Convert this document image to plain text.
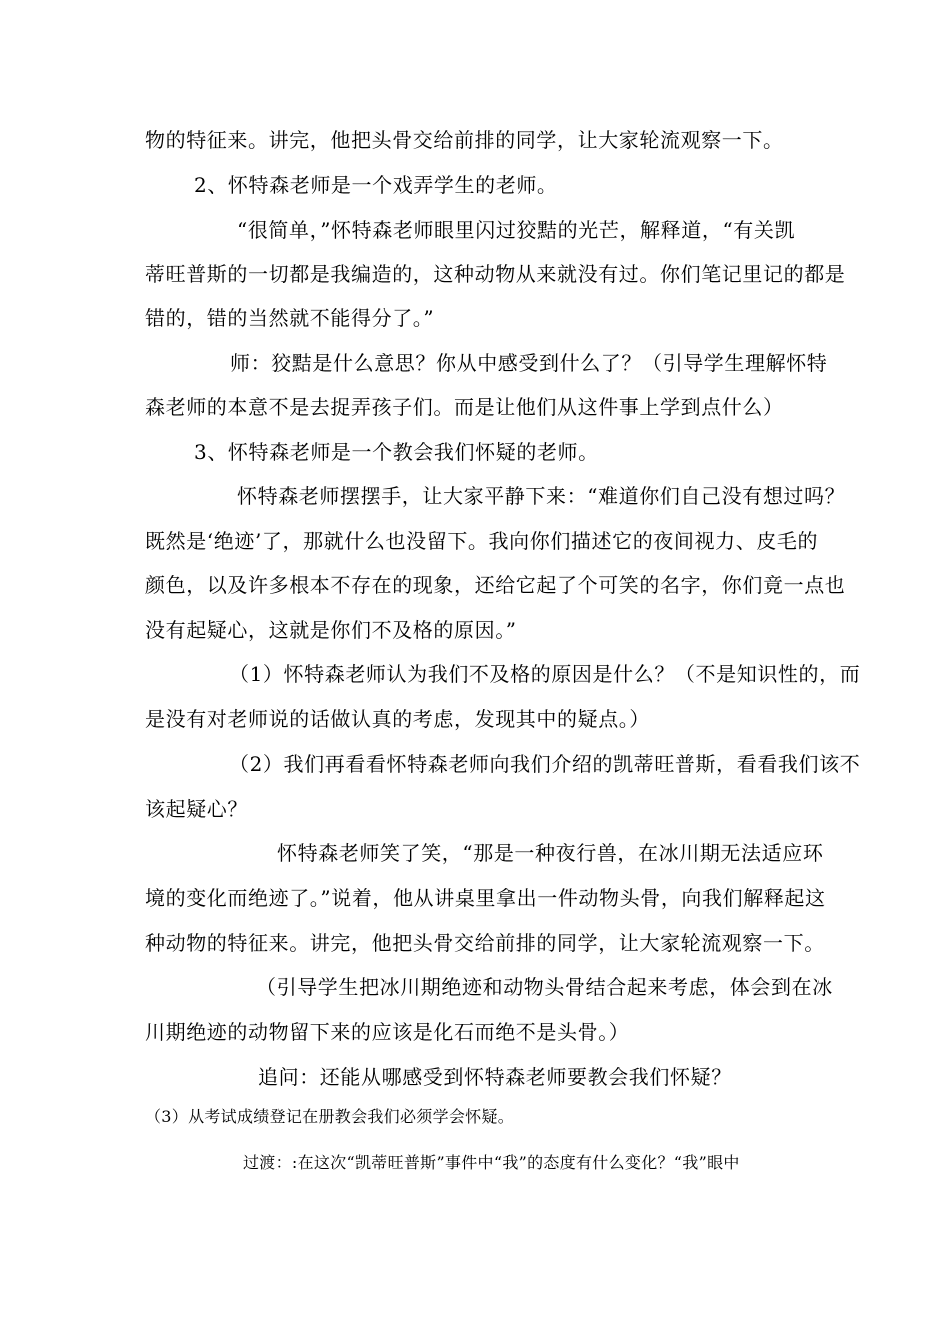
物的特征来。讲完，他把头骨交给前排的同学，让大家轮流观察一下。
2、怀特森老师是一个戏弄学生的老师。
“很简单，”怀特森老师眼里闪过狡黠的光芒，解释道，“有关凯
蒂旺普斯的一切都是我编造的，这种动物从来就没有过。你们笔记里记的都是
错的，错的当然就不能得分了。”
师：狡黠是什么意思？你从中感受到什么了？（引导学生理解怀特
森老师的本意不是去捉弄孩子们。而是让他们从这件事上学到点什么）
3、怀特森老师是一个教会我们怀疑的老师。
怀特森老师摆摆手，让大家平静下来：“难道你们自己没有想过吗？
既然是‘绝迹’了，那就什么也没留下。我向你们描述它的夜间视力、皮毛的
颜色，以及许多根本不存在的现象，还给它起了个可笑的名字，你们竟一点也
没有起疑心，这就是你们不及格的原因。”
（1）怀特森老师认为我们不及格的原因是什么？（不是知识性的，而
是没有对老师说的话做认真的考虑，发现其中的疑点。）
（2）我们再看看怀特森老师向我们介绍的凯蒂旺普斯，看看我们该不
该起疑心？
怀特森老师笑了笑，“那是一种夜行兽，在冰川期无法适应环
境的变化而绝迹了。”说着，他从讲桌里拿出一件动物头骨，向我们解释起这
种动物的特征来。讲完，他把头骨交给前排的同学，让大家轮流观察一下。
（引导学生把冰川期绝迹和动物头骨结合起来考虑，体会到在冰
川期绝迹的动物留下来的应该是化石而绝不是头骨。）
追问：还能从哪感受到怀特森老师要教会我们怀疑？
（3）从考试成绩登记在册教会我们必须学会怀疑。
过渡：:在这次“凯蒂旺普斯”事件中“我”的态度有什么变化？“我”眼中
